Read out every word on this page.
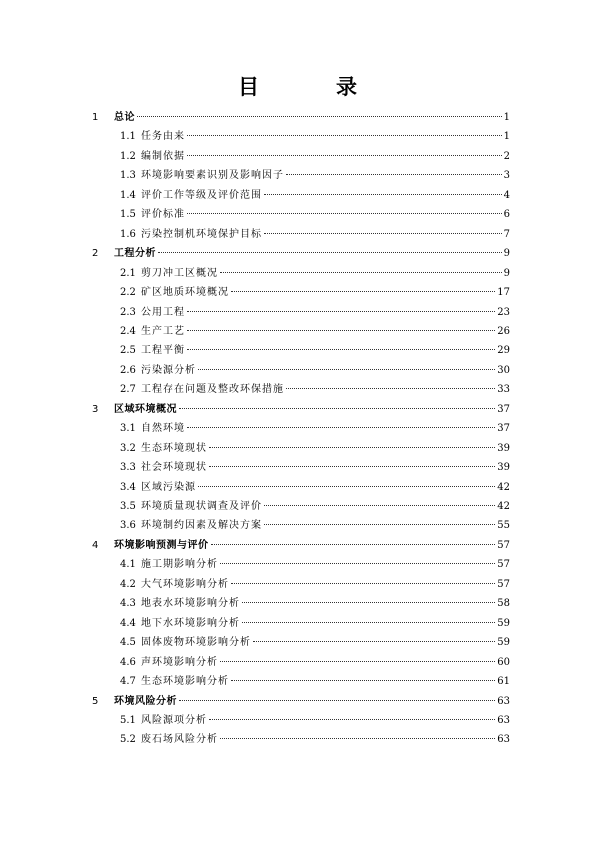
目　录
1	总论	1
1.1 任务由来	1
1.2 编制依据	2
1.3 环境影响要素识别及影响因子	3
1.4 评价工作等级及评价范围	4
1.5 评价标准	6
1.6 污染控制机环境保护目标	7
2	工程分析	9
2.1 剪刀冲工区概况	9
2.2 矿区地质环境概况	17
2.3 公用工程	23
2.4 生产工艺	26
2.5 工程平衡	29
2.6 污染源分析	30
2.7 工程存在问题及整改环保措施	33
3	区域环境概况	37
3.1 自然环境	37
3.2 生态环境现状	39
3.3 社会环境现状	39
3.4 区域污染源	42
3.5 环境质量现状调查及评价	42
3.6 环境制约因素及解决方案	55
4	环境影响预测与评价	57
4.1 施工期影响分析	57
4.2 大气环境影响分析	57
4.3 地表水环境影响分析	58
4.4 地下水环境影响分析	59
4.5 固体废物环境影响分析	59
4.6 声环境影响分析	60
4.7 生态环境影响分析	61
5	环境风险分析	63
5.1 风险源项分析	63
5.2 废石场风险分析	63
